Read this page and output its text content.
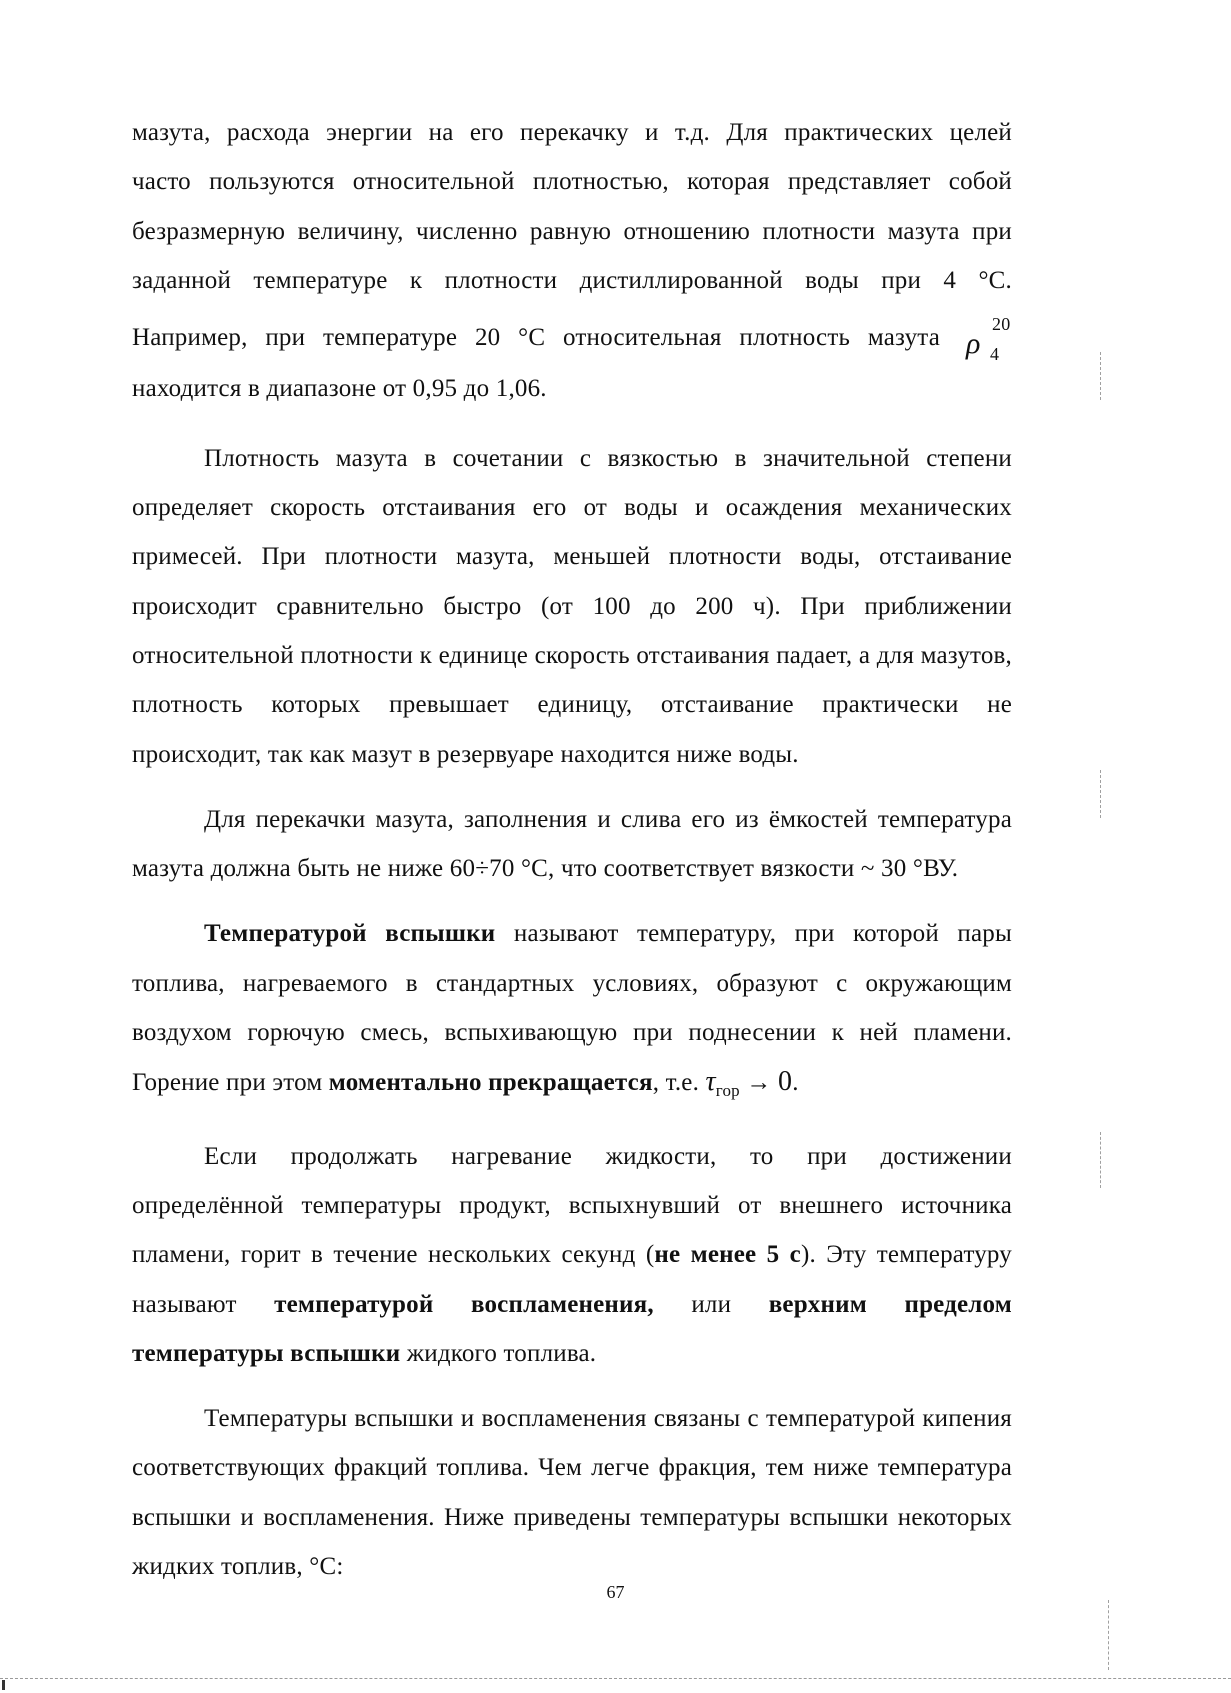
мазута, расхода энергии на его перекачку и т.д. Для практических целей
часто пользуются относительной плотностью, которая представляет собой
безразмерную величину, численно равную отношению плотности мазута при
заданной температуре к плотности дистиллированной воды при 4 °С.
Например, при температуре 20 °С относительная плотность мазута ρ
20
4
находится в диапазоне от 0,95 до 1,06.

Плотность мазута в сочетании с вязкостью в значительной степени определяет скорость отстаивания его от воды и осаждения механических примесей. При плотности мазута, меньшей плотности воды, отстаивание происходит сравнительно быстро (от 100 до 200 ч). При приближении относительной плотности к единице скорость отстаивания падает, а для мазутов, плотность которых превышает единицу, отстаивание практически не происходит, так как мазут в резервуаре находится ниже воды.

Для перекачки мазута, заполнения и слива его из ёмкостей температура мазута должна быть не ниже 60÷70 °С, что соответствует вязкости ~ 30 °ВУ.

Температурой вспышки называют температуру, при которой пары топлива, нагреваемого в стандартных условиях, образуют с окружающим воздухом горючую смесь, вспыхивающую при поднесении к ней пламени. Горение при этом моментально прекращается, т.е. $\tau_{гор} \to 0$.

Если продолжать нагревание жидкости, то при достижении
определённой температуры продукт, вспыхнувший от внешнего источника
пламени, горит в течение нескольких секунд (не менее 5 с). Эту температуру
называют температурой воспламенения, или верхним пределом
температуры вспышки жидкого топлива.

Температуры вспышки и воспламенения связаны с температурой кипения соответствующих фракций топлива. Чем легче фракция, тем ниже температура вспышки и воспламенения. Ниже приведены температуры вспышки некоторых жидких топлив, °С:

67
